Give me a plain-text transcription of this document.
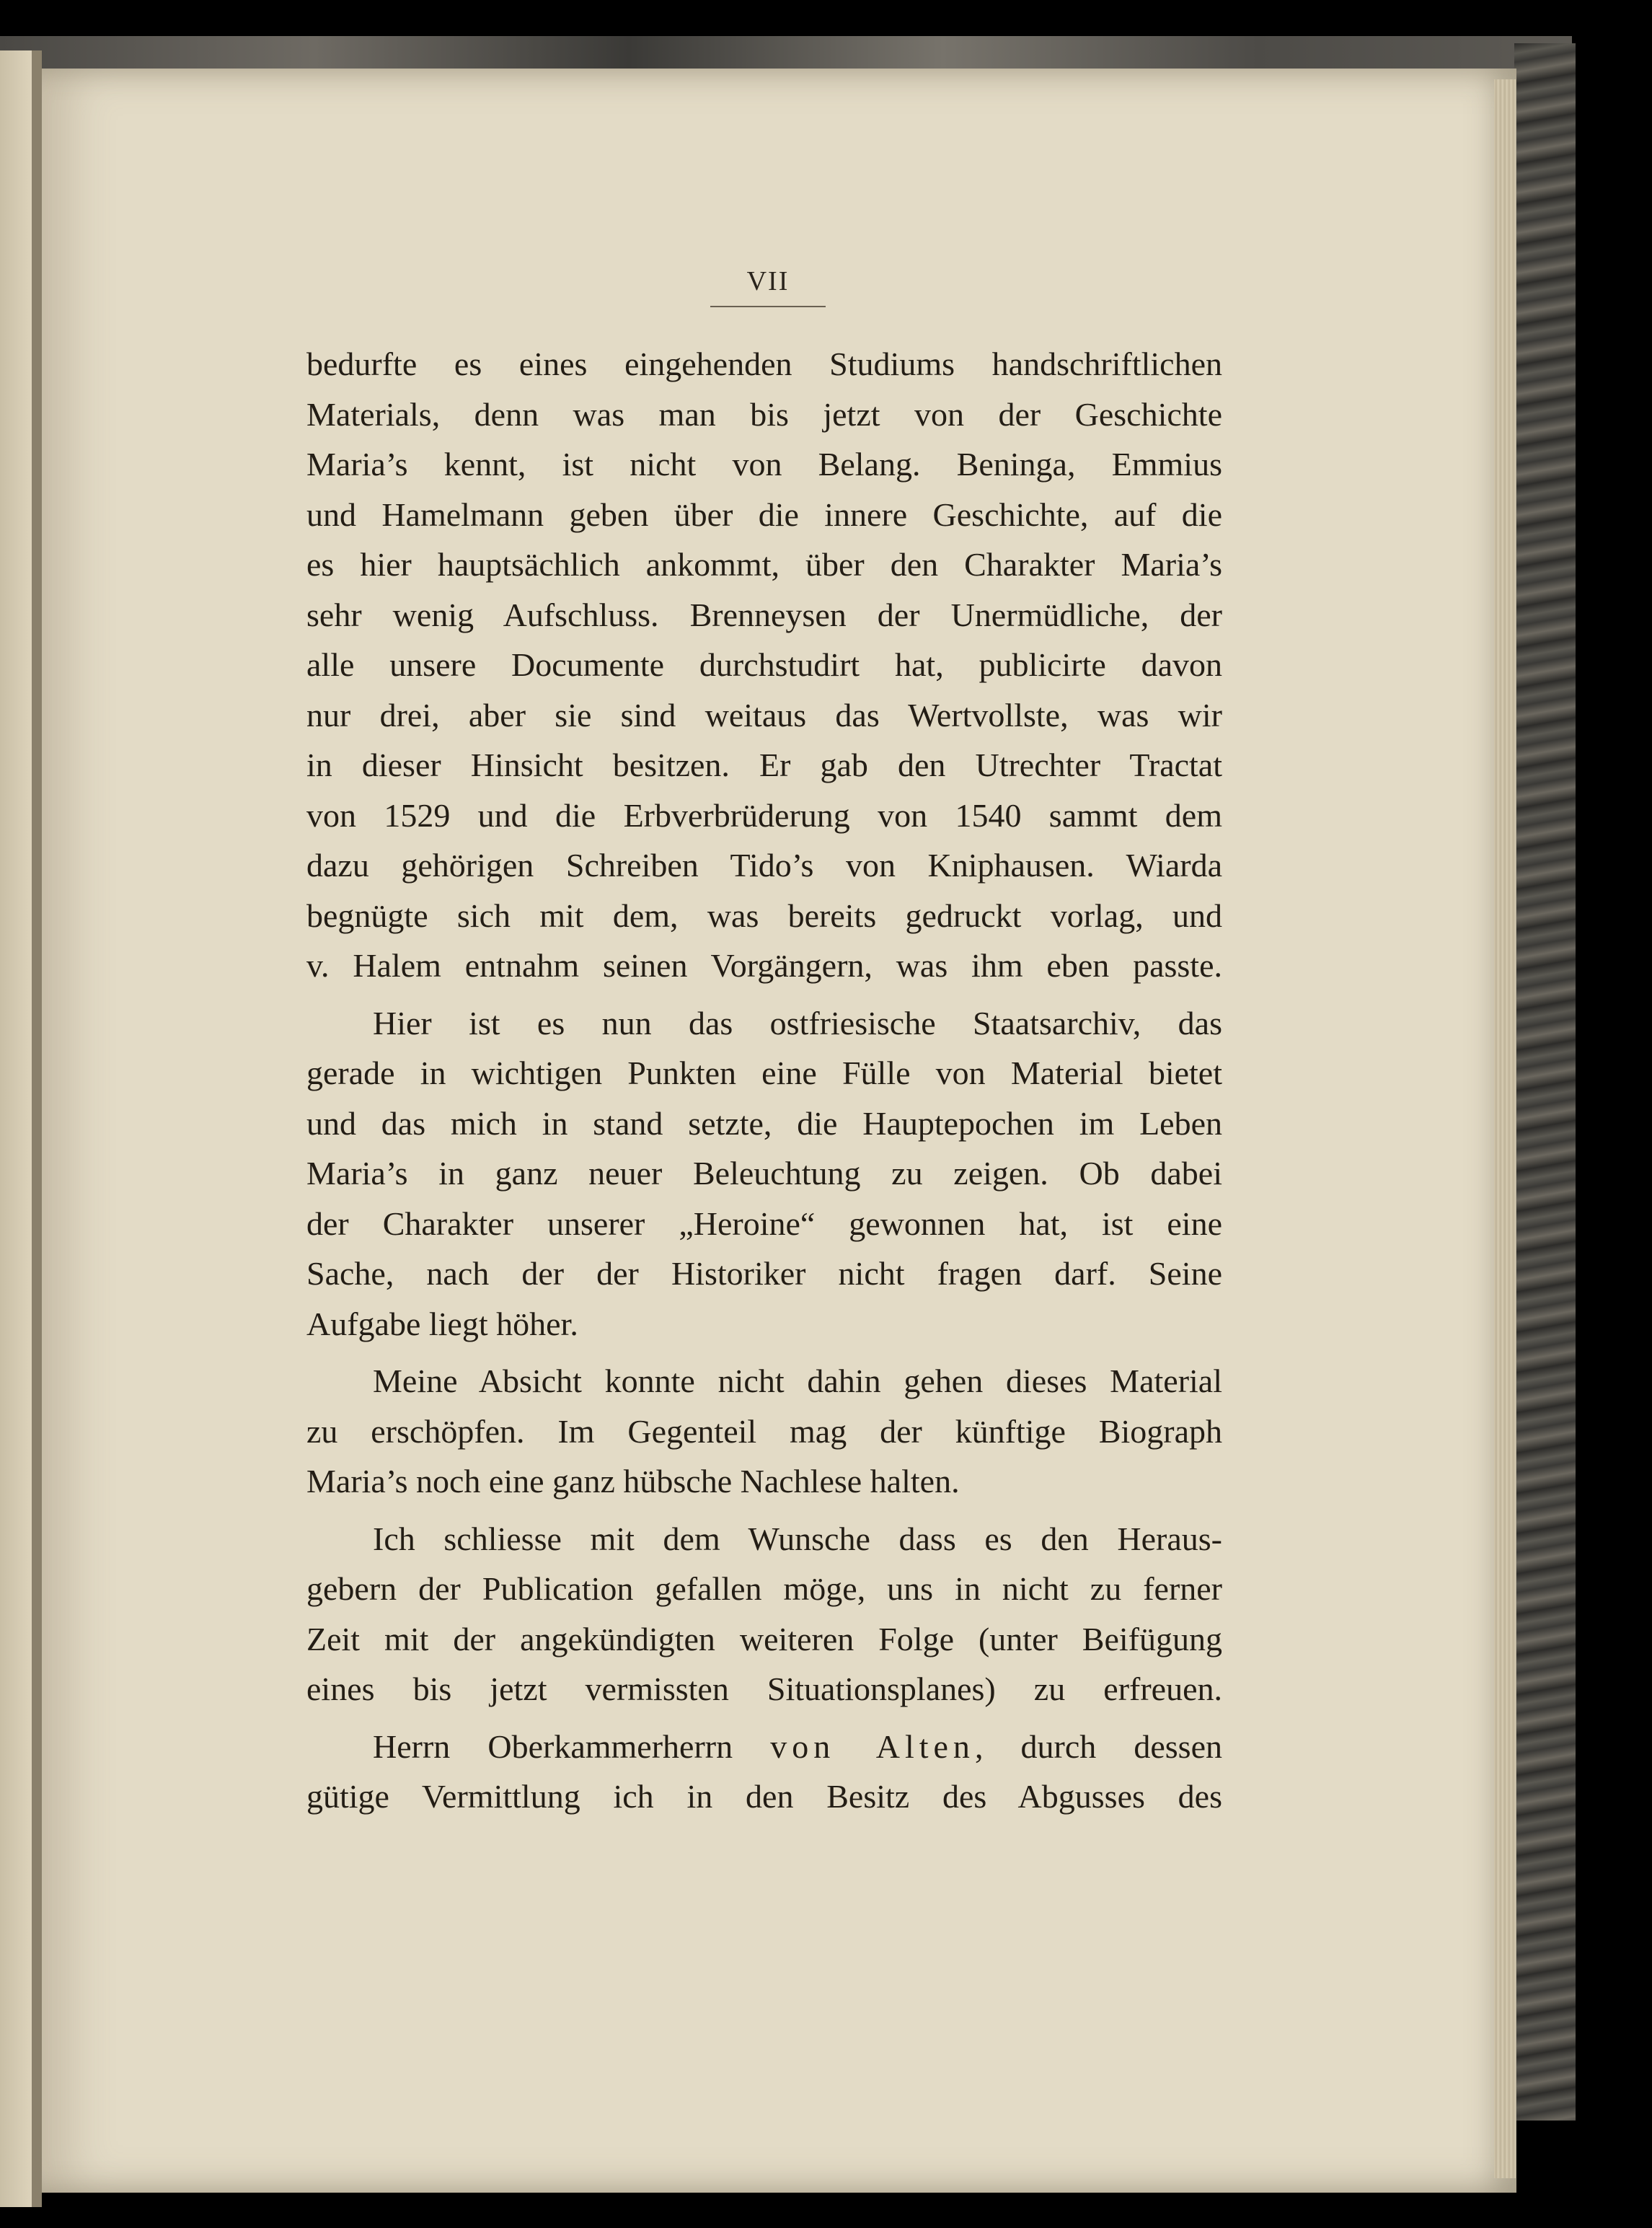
VII
bedurfte es eines eingehenden Studiums handschriftlichen
Materials, denn was man bis jetzt von der Geschichte
Maria’s kennt, ist nicht von Belang. Beninga, Emmius
und Hamelmann geben über die innere Geschichte, auf die
es hier hauptsächlich ankommt, über den Charakter Maria’s
sehr wenig Aufschluss. Brenneysen der Unermüdliche, der
alle unsere Documente durchstudirt hat, publicirte davon
nur drei, aber sie sind weitaus das Wertvollste, was wir
in dieser Hinsicht besitzen. Er gab den Utrechter Tractat
von 1529 und die Erbverbrüderung von 1540 sammt dem
dazu gehörigen Schreiben Tido’s von Kniphausen. Wiarda
begnügte sich mit dem, was bereits gedruckt vorlag, und
v. Halem entnahm seinen Vorgängern, was ihm eben passte.
Hier ist es nun das ostfriesische Staatsarchiv, das
gerade in wichtigen Punkten eine Fülle von Material bietet
und das mich in stand setzte, die Hauptepochen im Leben
Maria’s in ganz neuer Beleuchtung zu zeigen. Ob dabei
der Charakter unserer „Heroine“ gewonnen hat, ist eine
Sache, nach der der Historiker nicht fragen darf. Seine
Aufgabe liegt höher.
Meine Absicht konnte nicht dahin gehen dieses Material
zu erschöpfen. Im Gegenteil mag der künftige Biograph
Maria’s noch eine ganz hübsche Nachlese halten.
Ich schliesse mit dem Wunsche dass es den Heraus-
gebern der Publication gefallen möge, uns in nicht zu ferner
Zeit mit der angekündigten weiteren Folge (unter Beifügung
eines bis jetzt vermissten Situationsplanes) zu erfreuen.
Herrn Oberkammerherrn von Alten, durch dessen
gütige Vermittlung ich in den Besitz des Abgusses des
